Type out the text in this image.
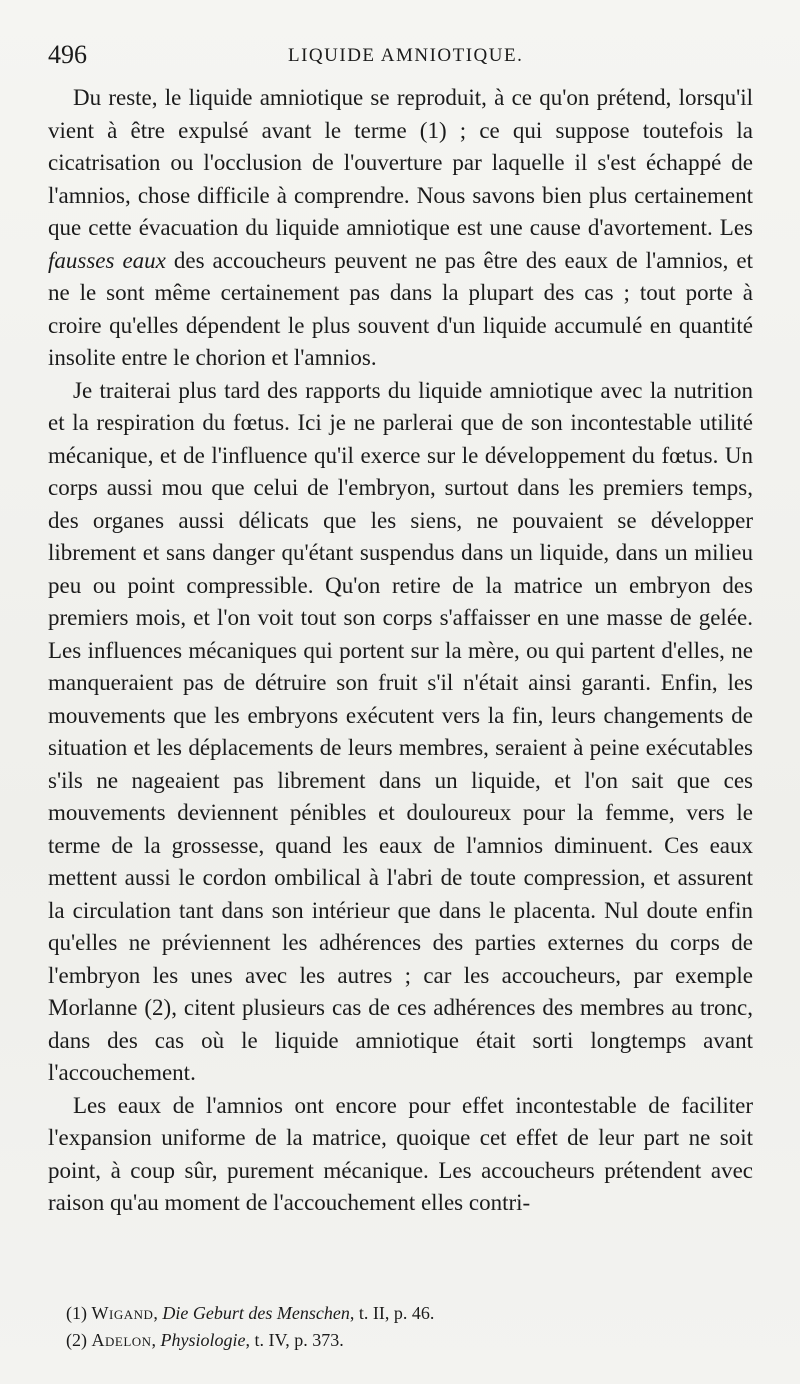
496	LIQUIDE AMNIOTIQUE.

Du reste, le liquide amniotique se reproduit, à ce qu'on prétend, lorsqu'il vient à être expulsé avant le terme (1) ; ce qui suppose toutefois la cicatrisation ou l'occlusion de l'ouverture par laquelle il s'est échappé de l'amnios, chose difficile à comprendre. Nous savons bien plus certainement que cette évacuation du liquide amniotique est une cause d'avortement. Les fausses eaux des accoucheurs peuvent ne pas être des eaux de l'amnios, et ne le sont même certainement pas dans la plupart des cas ; tout porte à croire qu'elles dépendent le plus souvent d'un liquide accumulé en quantité insolite entre le chorion et l'amnios.

Je traiterai plus tard des rapports du liquide amniotique avec la nutrition et la respiration du fœtus. Ici je ne parlerai que de son incontestable utilité mécanique, et de l'influence qu'il exerce sur le développement du fœtus. Un corps aussi mou que celui de l'embryon, surtout dans les premiers temps, des organes aussi délicats que les siens, ne pouvaient se développer librement et sans danger qu'étant suspendus dans un liquide, dans un milieu peu ou point compressible. Qu'on retire de la matrice un embryon des premiers mois, et l'on voit tout son corps s'affaisser en une masse de gelée. Les influences mécaniques qui portent sur la mère, ou qui partent d'elles, ne manqueraient pas de détruire son fruit s'il n'était ainsi garanti. Enfin, les mouvements que les embryons exécutent vers la fin, leurs changements de situation et les déplacements de leurs membres, seraient à peine exécutables s'ils ne nageaient pas librement dans un liquide, et l'on sait que ces mouvements deviennent pénibles et douloureux pour la femme, vers le terme de la grossesse, quand les eaux de l'amnios diminuent. Ces eaux mettent aussi le cordon ombilical à l'abri de toute compression, et assurent la circulation tant dans son intérieur que dans le placenta. Nul doute enfin qu'elles ne préviennent les adhérences des parties externes du corps de l'embryon les unes avec les autres ; car les accoucheurs, par exemple Morlanne (2), citent plusieurs cas de ces adhérences des membres au tronc, dans des cas où le liquide amniotique était sorti longtemps avant l'accouchement.

Les eaux de l'amnios ont encore pour effet incontestable de faciliter l'expansion uniforme de la matrice, quoique cet effet de leur part ne soit point, à coup sûr, purement mécanique. Les accoucheurs prétendent avec raison qu'au moment de l'accouchement elles contri-

(1) Wigand, Die Geburt des Menschen, t. II, p. 46.

(2) Adelon, Physiologie, t. IV, p. 373.
